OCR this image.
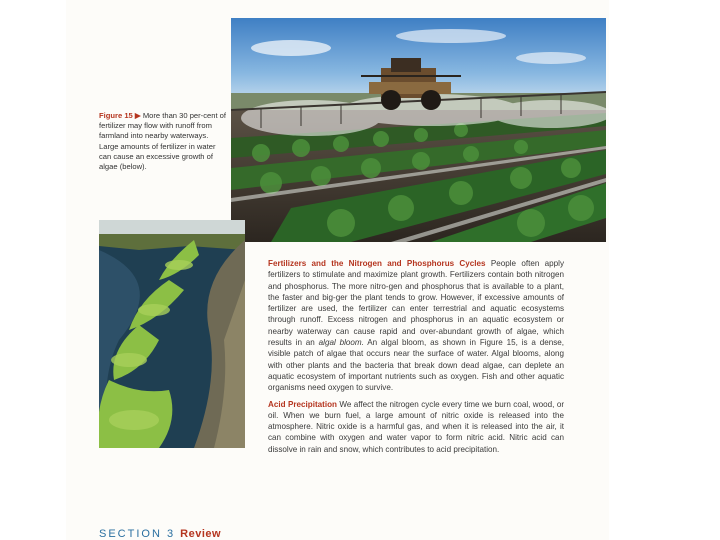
Figure 15 ▶ More than 30 per-cent of fertilizer may flow with runoff from farmland into nearby waterways. Large amounts of fertilizer in water can cause an excessive growth of algae (below).

Fertilizers and the Nitrogen and Phosphorus Cycles People often apply fertilizers to stimulate and maximize plant growth. Fertilizers contain both nitrogen and phosphorus. The more nitro-gen and phosphorus that is available to a plant, the faster and big-ger the plant tends to grow. However, if excessive amounts of fertilizer are used, the fertilizer can enter terrestrial and aquatic ecosystems through runoff. Excess nitrogen and phosphorus in an aquatic ecosystem or nearby waterway can cause rapid and over-abundant growth of algae, which results in an algal bloom. An algal bloom, as shown in Figure 15, is a dense, visible patch of algae that occurs near the surface of water. Algal blooms, along with other plants and the bacteria that break down dead algae, can deplete an aquatic ecosystem of important nutrients such as oxygen. Fish and other aquatic organisms need oxygen to survive.

Acid Precipitation We affect the nitrogen cycle every time we burn coal, wood, or oil. When we burn fuel, a large amount of nitric oxide is released into the atmosphere. Nitric oxide is a harmful gas, and when it is released into the air, it can combine with oxygen and water vapor to form nitric acid. Nitric acid can dissolve in rain and snow, which contributes to acid precipitation.

SECTION 3 Review
